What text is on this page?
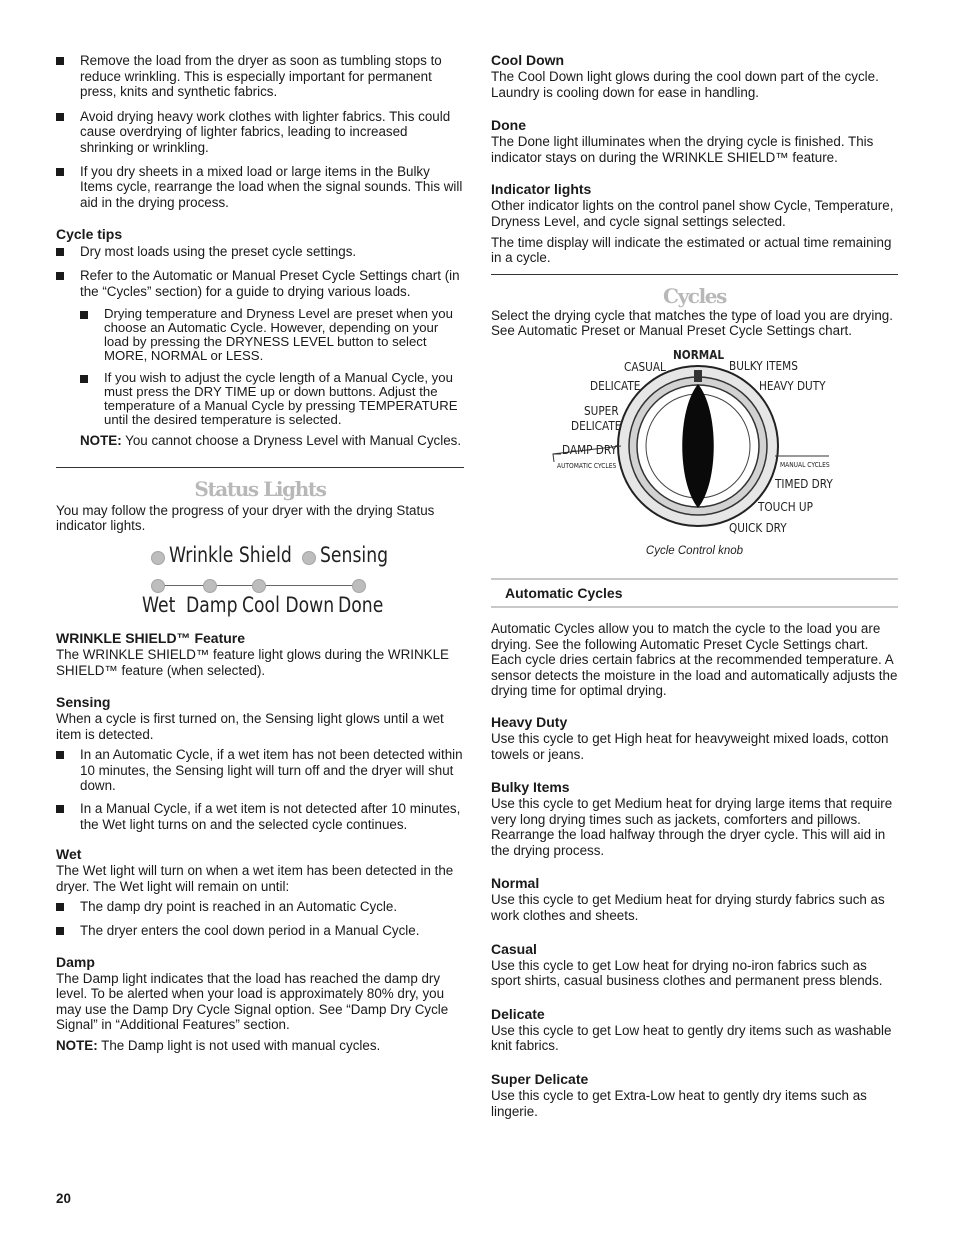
Remove the load from the dryer as soon as tumbling stops to reduce wrinkling. This is especially important for permanent press, knits and synthetic fabrics.
Avoid drying heavy work clothes with lighter fabrics. This could cause overdrying of lighter fabrics, leading to increased shrinking or wrinkling.
If you dry sheets in a mixed load or large items in the Bulky Items cycle, rearrange the load when the signal sounds. This will aid in the drying process.

Cycle tips

Dry most loads using the preset cycle settings.
Refer to the Automatic or Manual Preset Cycle Settings chart (in the “Cycles” section) for a guide to drying various loads.
Drying temperature and Dryness Level are preset when you choose an Automatic Cycle. However, depending on your load by pressing the DRYNESS LEVEL button to select MORE, NORMAL or LESS.
If you wish to adjust the cycle length of a Manual Cycle, you must press the DRY TIME up or down buttons. Adjust the temperature of a Manual Cycle by pressing TEMPERATURE until the desired temperature is selected.

NOTE: You cannot choose a Dryness Level with Manual Cycles.

Status Lights

You may follow the progress of your dryer with the drying Status indicator lights.

Wrinkle Shield Sensing
Wet Damp Cool Down Done

WRINKLE SHIELD™ Feature

The WRINKLE SHIELD™ feature light glows during the WRINKLE SHIELD™ feature (when selected).

Sensing

When a cycle is first turned on, the Sensing light glows until a wet item is detected.

In an Automatic Cycle, if a wet item has not been detected within 10 minutes, the Sensing light will turn off and the dryer will shut down.
In a Manual Cycle, if a wet item is not detected after 10 minutes, the Wet light turns on and the selected cycle continues.

Wet

The Wet light will turn on when a wet item has been detected in the dryer. The Wet light will remain on until:

The damp dry point is reached in an Automatic Cycle.
The dryer enters the cool down period in a Manual Cycle.

Damp

The Damp light indicates that the load has reached the damp dry level. To be alerted when your load is approximately 80% dry, you may use the Damp Dry Cycle Signal option. See “Damp Dry Cycle Signal” in “Additional Features” section.

NOTE: The Damp light is not used with manual cycles.

Cool Down

The Cool Down light glows during the cool down part of the cycle. Laundry is cooling down for ease in handling.

Done

The Done light illuminates when the drying cycle is finished. This indicator stays on during the WRINKLE SHIELD™ feature.

Indicator lights

Other indicator lights on the control panel show Cycle, Temperature, Dryness Level, and cycle signal settings selected.

The time display will indicate the estimated or actual time remaining in a cycle.

Cycles

Select the drying cycle that matches the type of load you are drying. See Automatic Preset or Manual Preset Cycle Settings chart.

NORMAL
CASUAL	BULKY ITEMS
DELICATE	HEAVY DUTY
SUPER
DELICATE
DAMP DRY
AUTOMATIC CYCLES	MANUAL CYCLES
TIMED DRY
TOUCH UP
QUICK DRY
Cycle Control knob
Automatic Cycles

Automatic Cycles allow you to match the cycle to the load you are drying. See the following Automatic Preset Cycle Settings chart. Each cycle dries certain fabrics at the recommended temperature. A sensor detects the moisture in the load and automatically adjusts the drying time for optimal drying.

Heavy Duty

Use this cycle to get High heat for heavyweight mixed loads, cotton towels or jeans.

Bulky Items

Use this cycle to get Medium heat for drying large items that require very long drying times such as jackets, comforters and pillows. Rearrange the load halfway through the dryer cycle. This will aid in the drying process.

Normal

Use this cycle to get Medium heat for drying sturdy fabrics such as work clothes and sheets.

Casual

Use this cycle to get Low heat for drying no-iron fabrics such as sport shirts, casual business clothes and permanent press blends.

Delicate

Use this cycle to get Low heat to gently dry items such as washable knit fabrics.

Super Delicate

Use this cycle to get Extra-Low heat to gently dry items such as lingerie.

20
